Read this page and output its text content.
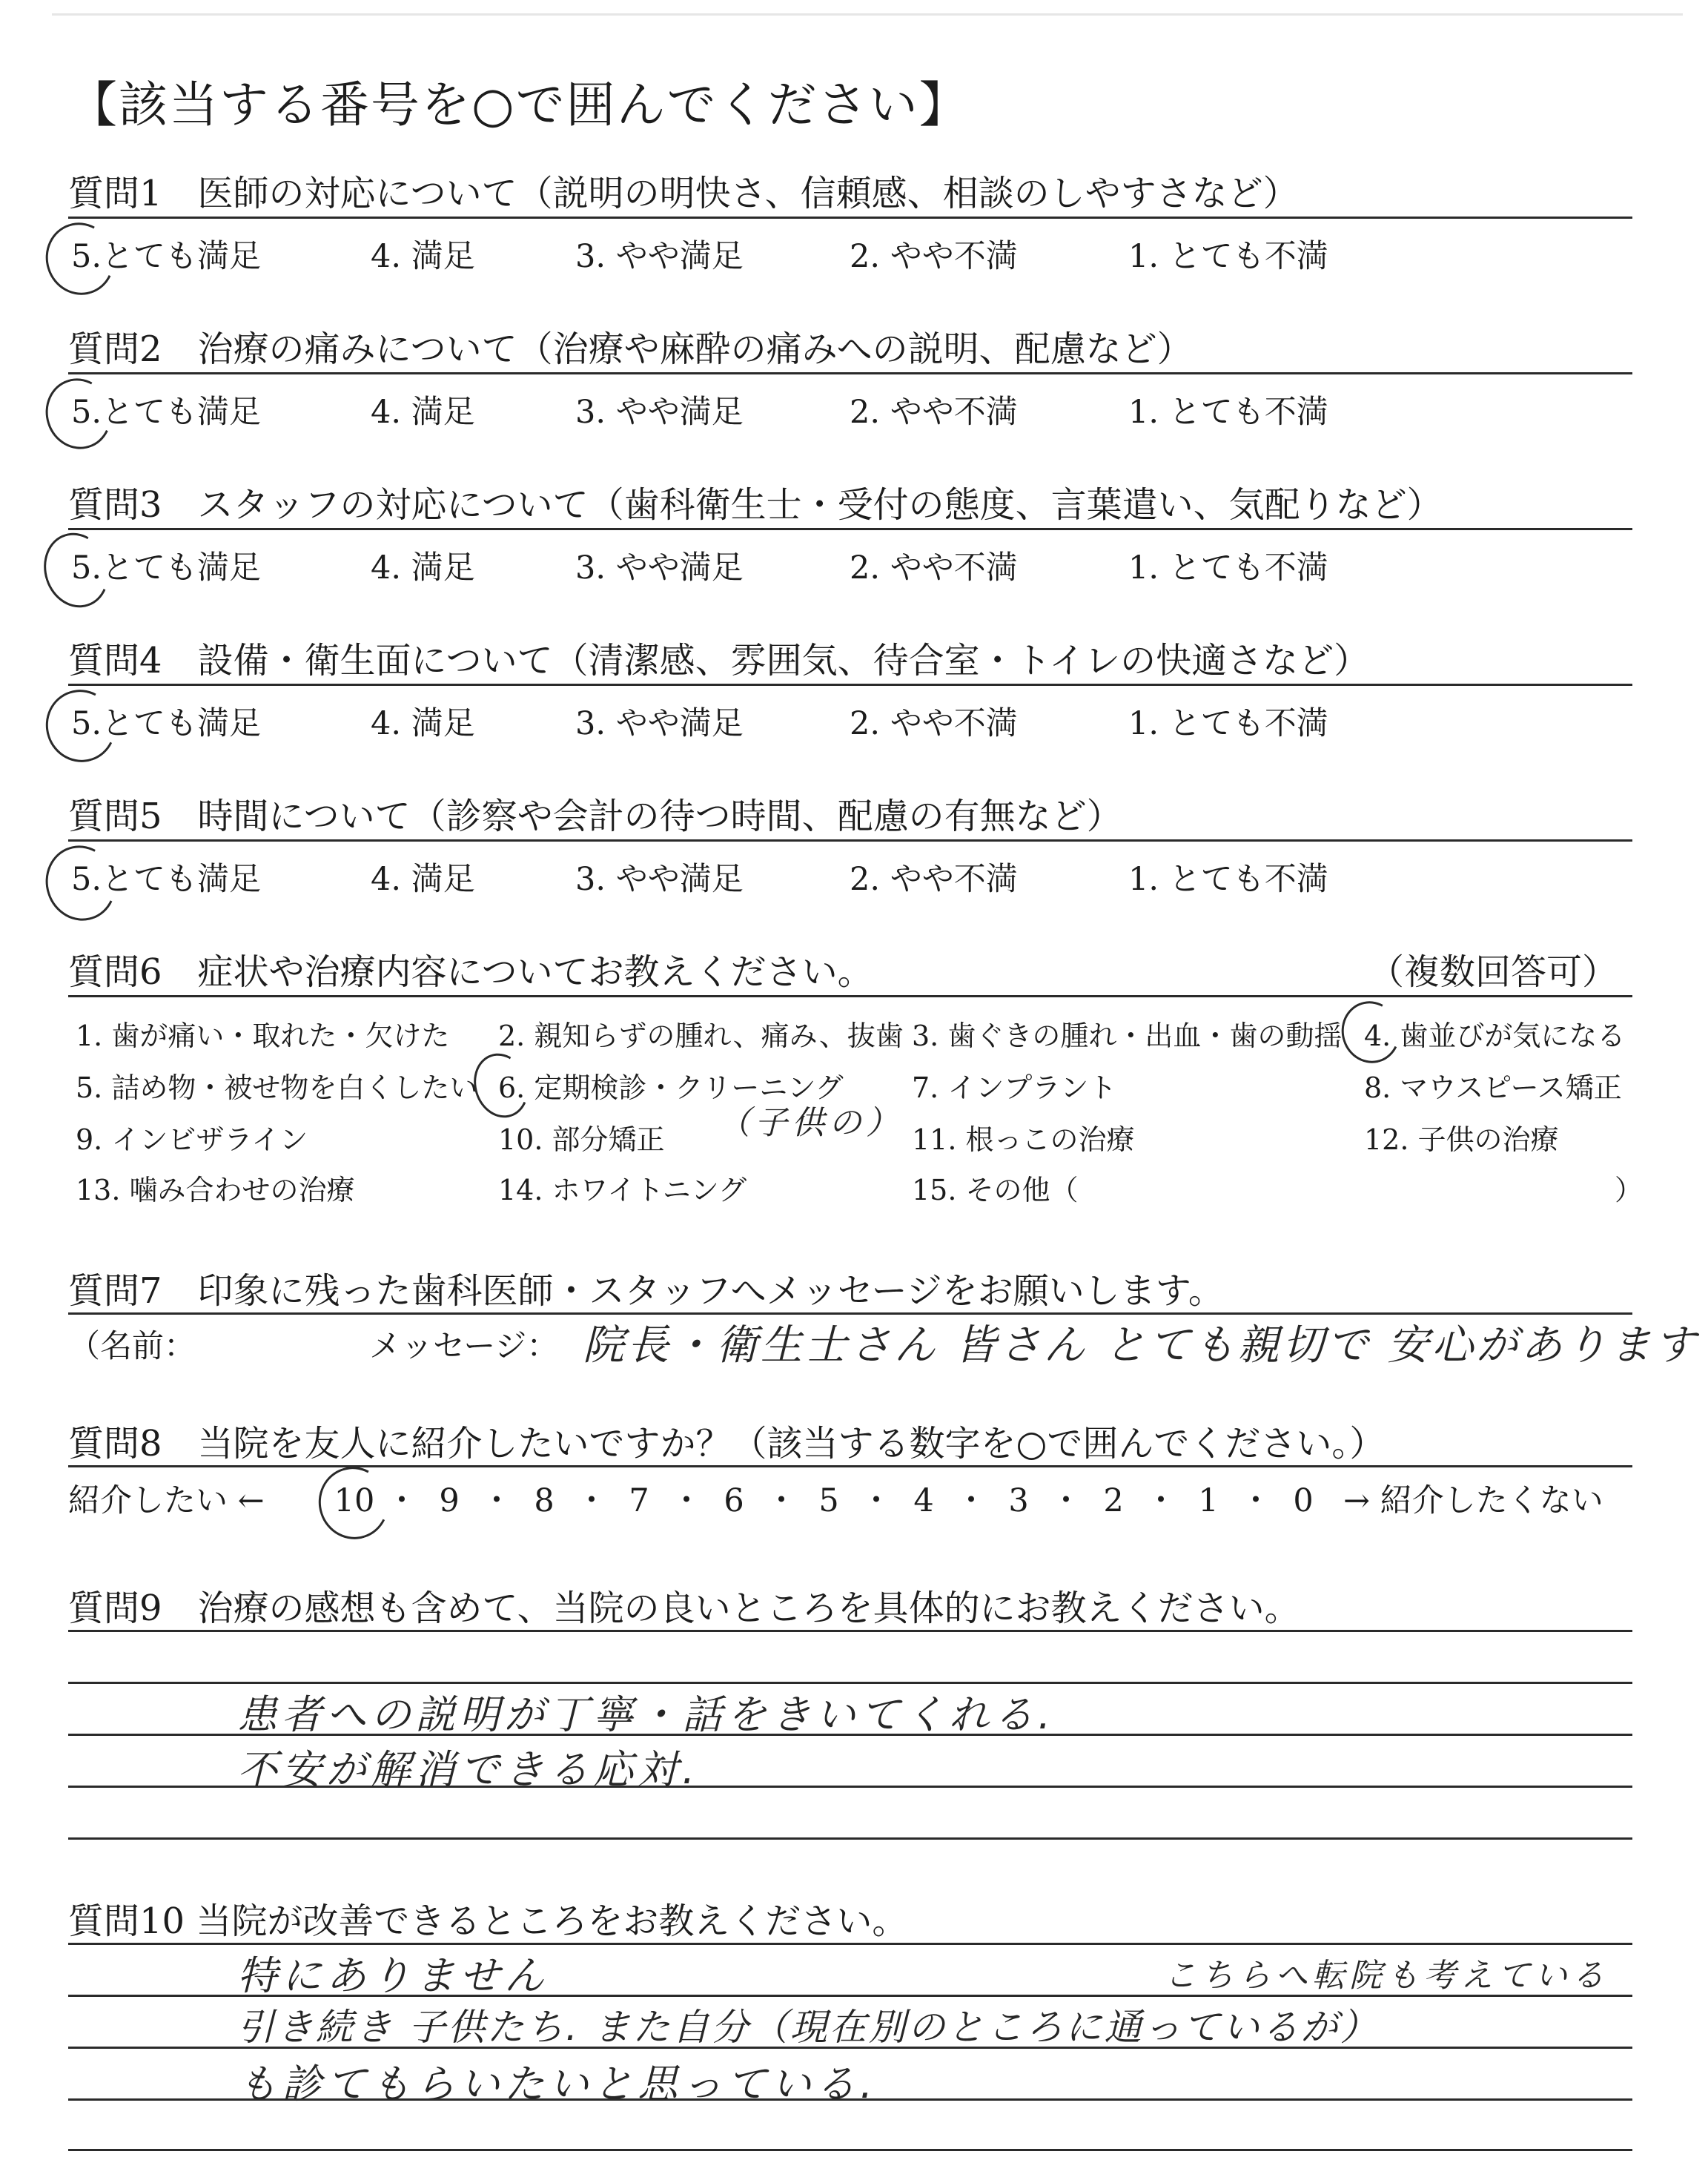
【該当する番号を○で囲んでください】
質問1　医師の対応について（説明の明快さ、信頼感、相談のしやすさなど）
5.とても満足	4. 満足	3. やや満足	2. やや不満	1. とても不満
質問2　治療の痛みについて（治療や麻酔の痛みへの説明、配慮など）
5.とても満足	4. 満足	3. やや満足	2. やや不満	1. とても不満
質問3　スタッフの対応について（歯科衛生士・受付の態度、言葉遣い、気配りなど）
5.とても満足	4. 満足	3. やや満足	2. やや不満	1. とても不満
質問4　設備・衛生面について（清潔感、雰囲気、待合室・トイレの快適さなど）
5.とても満足	4. 満足	3. やや満足	2. やや不満	1. とても不満
質問5　時間について（診察や会計の待つ時間、配慮の有無など）
5.とても満足	4. 満足	3. やや満足	2. やや不満	1. とても不満
質問6　症状や治療内容についてお教えください。	（複数回答可）
1. 歯が痛い・取れた・欠けた 2. 親知らずの腫れ、痛み、抜歯 3. 歯ぐきの腫れ・出血・歯の動揺 4. 歯並びが気になる
5. 詰め物・被せ物を白くしたい 6. 定期検診・クリーニング 7. インプラント	8. マウスピース矯正
9. インビザライン	10. 部分矯正	11. 根っこの治療	12. 子供の治療
13. 噛み合わせの治療	14. ホワイトニング	15. その他（	）
（子供の）
質問7　印象に残った歯科医師・スタッフへメッセージをお願いします。
（名前：	メッセージ： 院長・衛生士さん 皆さん とても親切で 安心があります
質問8　当院を友人に紹介したいですか？（該当する数字を○で囲んでください。）
紹介したい ← 10 ・ 9 ・ 8 ・ 7 ・ 6 ・ 5 ・ 4 ・ 3 ・ 2 ・ 1 ・ 0 → 紹介したくない
質問9　治療の感想も含めて、当院の良いところを具体的にお教えください。
患者への説明が丁寧・話をきいてくれる.
不安が解消できる応対.
質問10 当院が改善できるところをお教えください。
特にありません	こちらへ転院も考えている
引き続き 子供たち. また自分（現在別のところに通っているが）
も診てもらいたいと思っている.
